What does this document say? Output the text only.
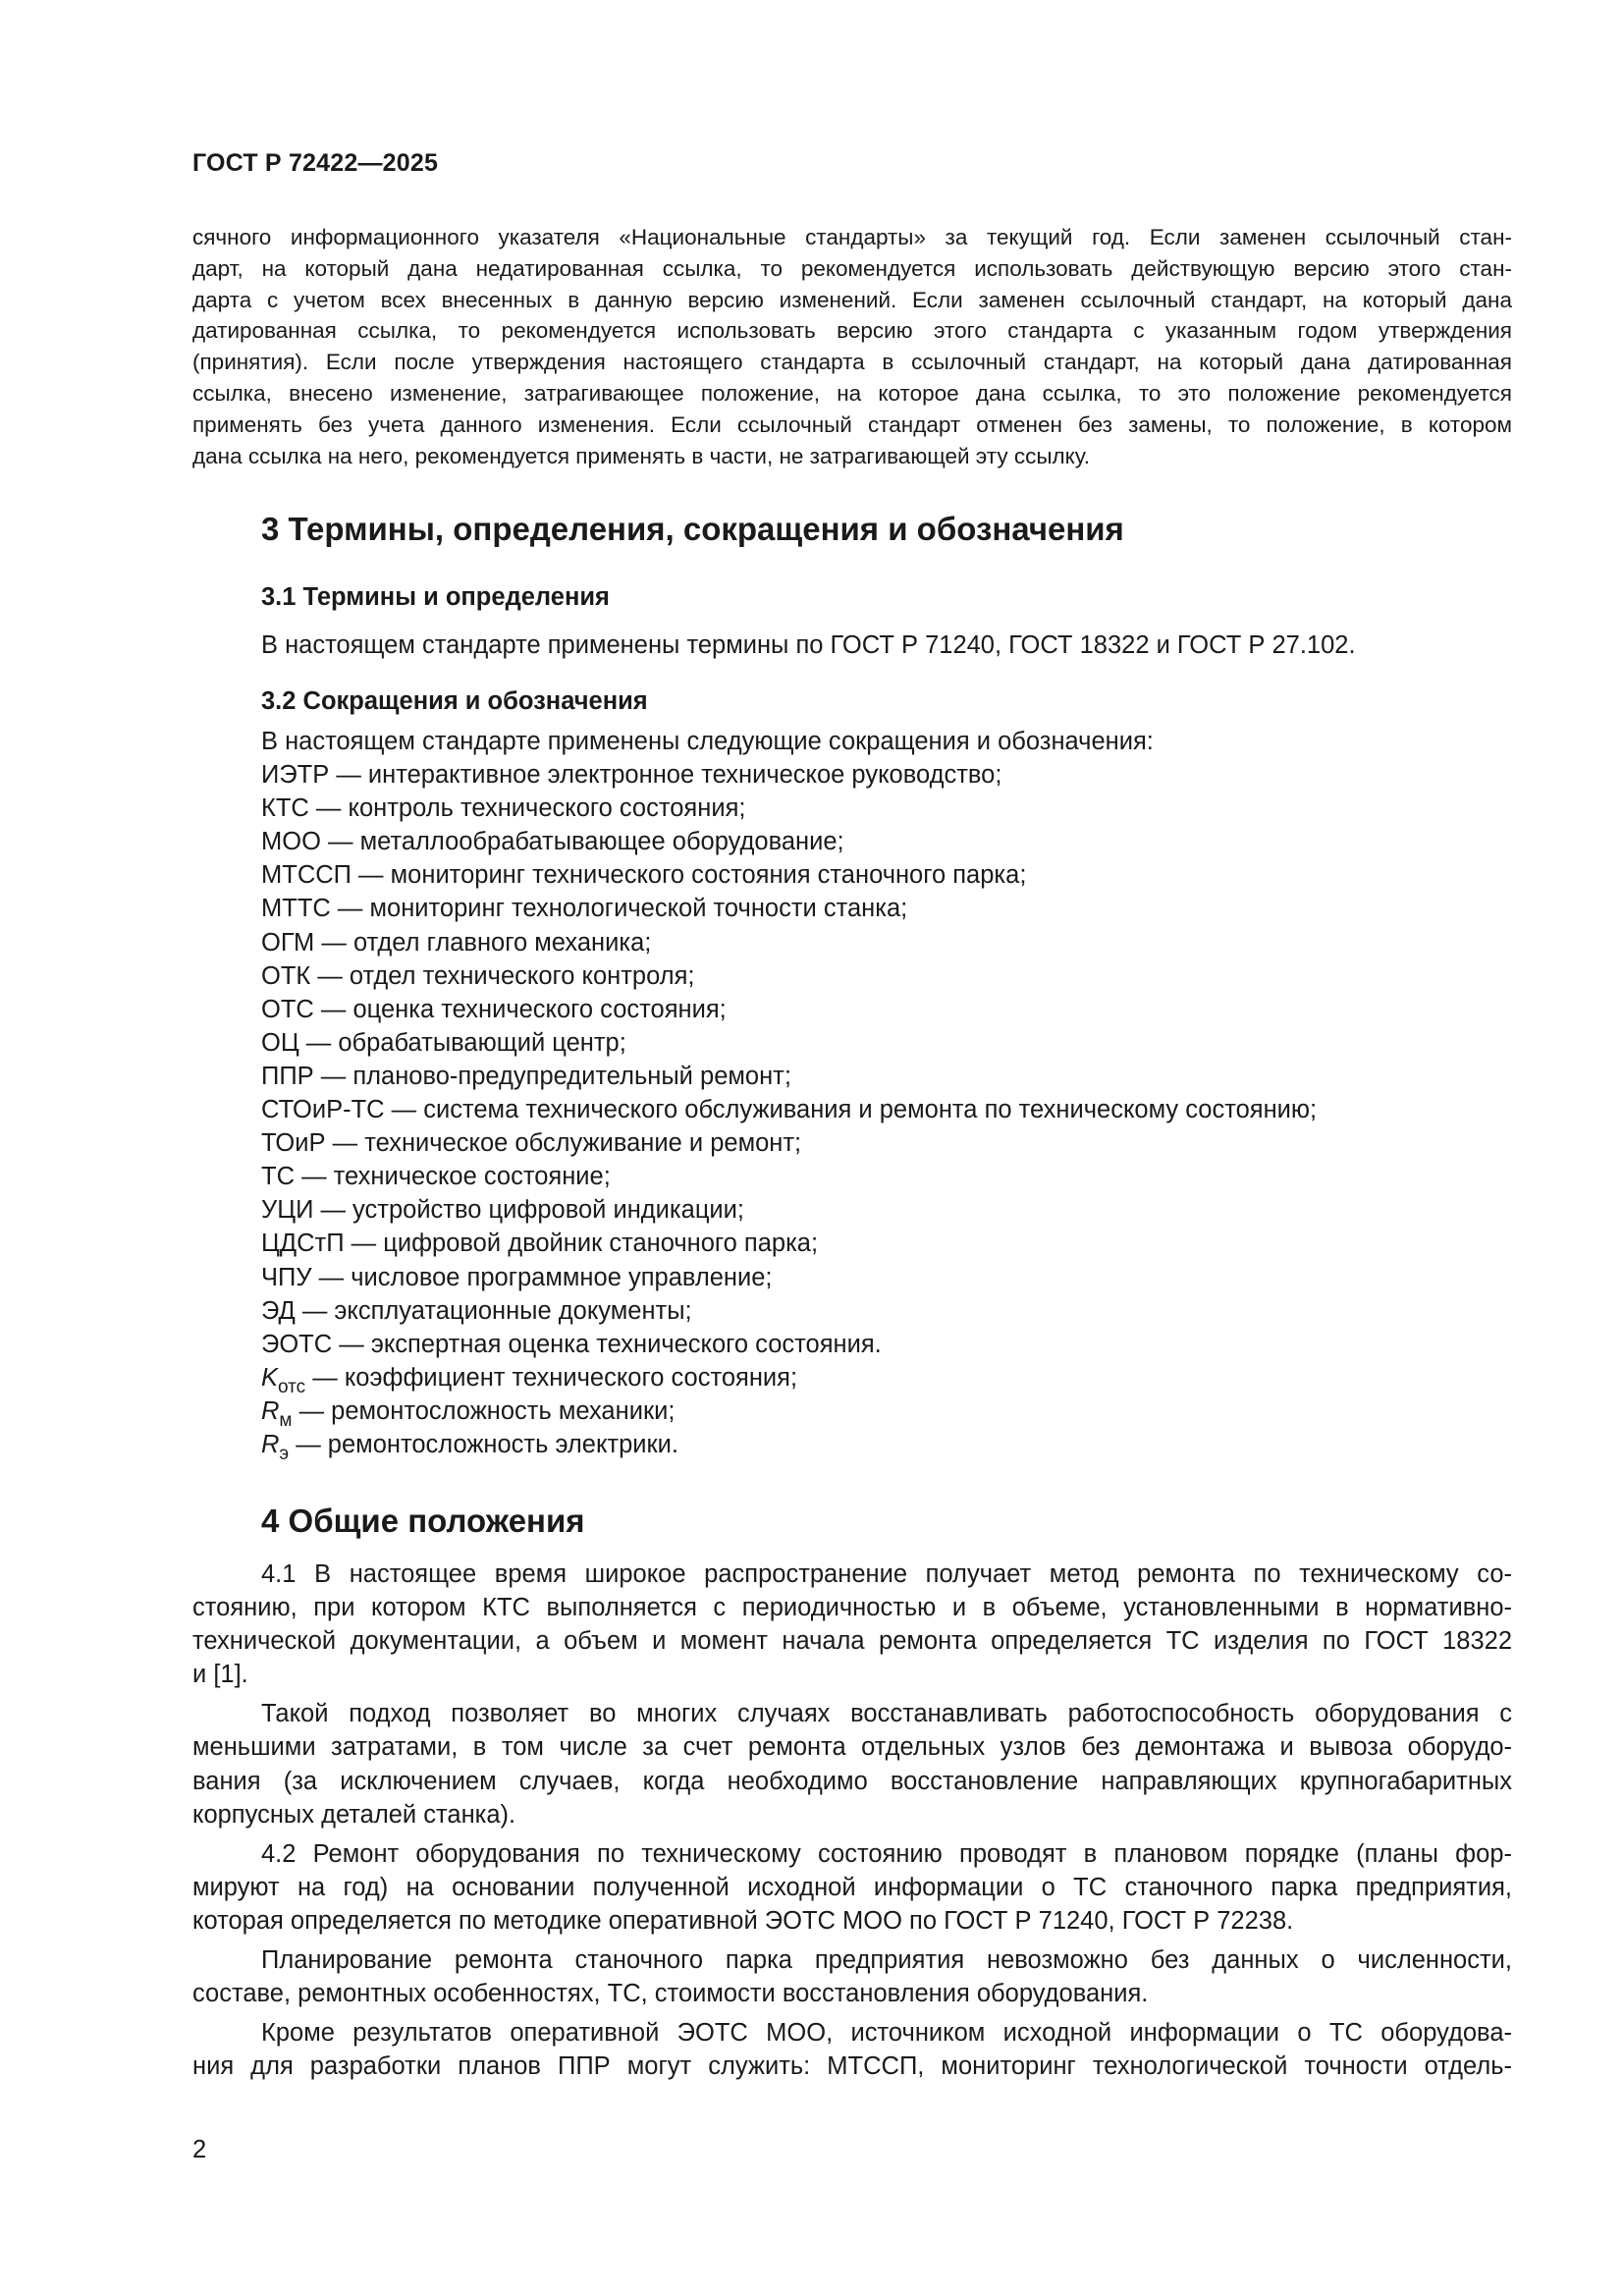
ГОСТ Р 72422—2025
сячного информационного указателя «Национальные стандарты» за текущий год. Если заменен ссылочный стан-
дарт, на который дана недатированная ссылка, то рекомендуется использовать действующую версию этого стан-
дарта с учетом всех внесенных в данную версию изменений. Если заменен ссылочный стандарт, на который дана
датированная ссылка, то рекомендуется использовать версию этого стандарта с указанным годом утверждения
(принятия). Если после утверждения настоящего стандарта в ссылочный стандарт, на который дана датированная
ссылка, внесено изменение, затрагивающее положение, на которое дана ссылка, то это положение рекомендуется
применять без учета данного изменения. Если ссылочный стандарт отменен без замены, то положение, в котором
дана ссылка на него, рекомендуется применять в части, не затрагивающей эту ссылку.
3 Термины, определения, сокращения и обозначения
3.1 Термины и определения

В настоящем стандарте применены термины по ГОСТ Р 71240, ГОСТ 18322 и ГОСТ Р 27.102.

3.2 Сокращения и обозначения
В настоящем стандарте применены следующие сокращения и обозначения:
ИЭТР — интерактивное электронное техническое руководство;
КТС — контроль технического состояния;
МОО — металлообрабатывающее оборудование;
МТССП — мониторинг технического состояния станочного парка;
МТТС — мониторинг технологической точности станка;
ОГМ — отдел главного механика;
ОТК — отдел технического контроля;
ОТС — оценка технического состояния;
ОЦ — обрабатывающий центр;
ППР — планово-предупредительный ремонт;
СТОиР-ТС — система технического обслуживания и ремонта по техническому состоянию;
ТОиР — техническое обслуживание и ремонт;
ТС — техническое состояние;
УЦИ — устройство цифровой индикации;
ЦДСтП — цифровой двойник станочного парка;
ЧПУ — числовое программное управление;
ЭД — эксплуатационные документы;
ЭОТС — экспертная оценка технического состояния.
$K_{отс}$ — коэффициент технического состояния;
$R_м$ — ремонтосложность механики;
$R_э$ — ремонтосложность электрики.
4 Общие положения
4.1 В настоящее время широкое распространение получает метод ремонта по техническому со-
стоянию, при котором КТС выполняется с периодичностью и в объеме, установленными в нормативно-
технической документации, а объем и момент начала ремонта определяется ТС изделия по ГОСТ 18322
и [1].
Такой подход позволяет во многих случаях восстанавливать работоспособность оборудования с
меньшими затратами, в том числе за счет ремонта отдельных узлов без демонтажа и вывоза оборудо-
вания (за исключением случаев, когда необходимо восстановление направляющих крупногабаритных
корпусных деталей станка).
4.2 Ремонт оборудования по техническому состоянию проводят в плановом порядке (планы фор-
мируют на год) на основании полученной исходной информации о ТС станочного парка предприятия,
которая определяется по методике оперативной ЭОТС МОО по ГОСТ Р 71240, ГОСТ Р 72238.
Планирование ремонта станочного парка предприятия невозможно без данных о численности,
составе, ремонтных особенностях, ТС, стоимости восстановления оборудования.
Кроме результатов оперативной ЭОТС МОО, источником исходной информации о ТС оборудова-
ния для разработки планов ППР могут служить: МТССП, мониторинг технологической точности отдель-
2
